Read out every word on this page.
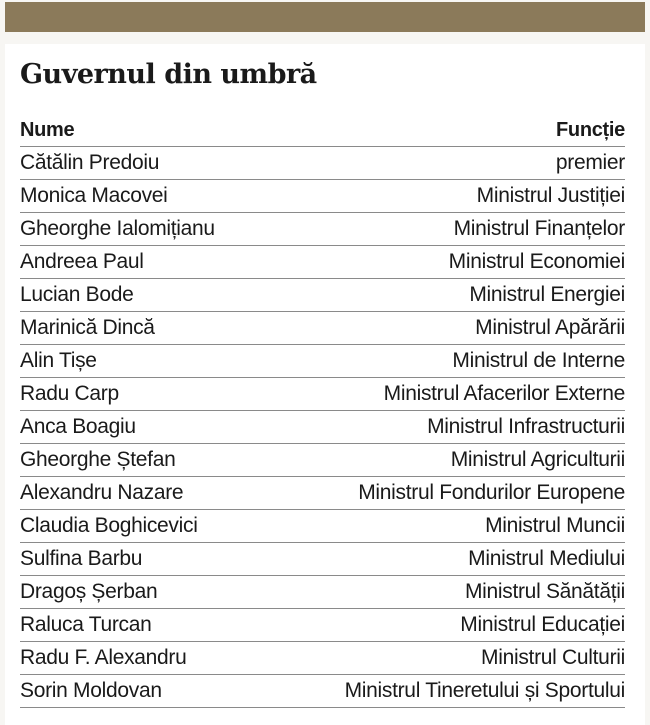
Guvernul din umbră
Nume	Funcție
Cătălin Predoiu	premier
Monica Macovei	Ministrul Justiției
Gheorghe Ialomițianu	Ministrul Finanțelor
Andreea Paul	Ministrul Economiei
Lucian Bode	Ministrul Energiei
Marinică Dincă	Ministrul Apărării
Alin Tișe	Ministrul de Interne
Radu Carp	Ministrul Afacerilor Externe
Anca Boagiu	Ministrul Infrastructurii
Gheorghe Ștefan	Ministrul Agriculturii
Alexandru Nazare	Ministrul Fondurilor Europene
Claudia Boghicevici	Ministrul Muncii
Sulfina Barbu	Ministrul Mediului
Dragoș Șerban	Ministrul Sănătății
Raluca Turcan	Ministrul Educației
Radu F. Alexandru	Ministrul Culturii
Sorin Moldovan	Ministrul Tineretului și Sportului
